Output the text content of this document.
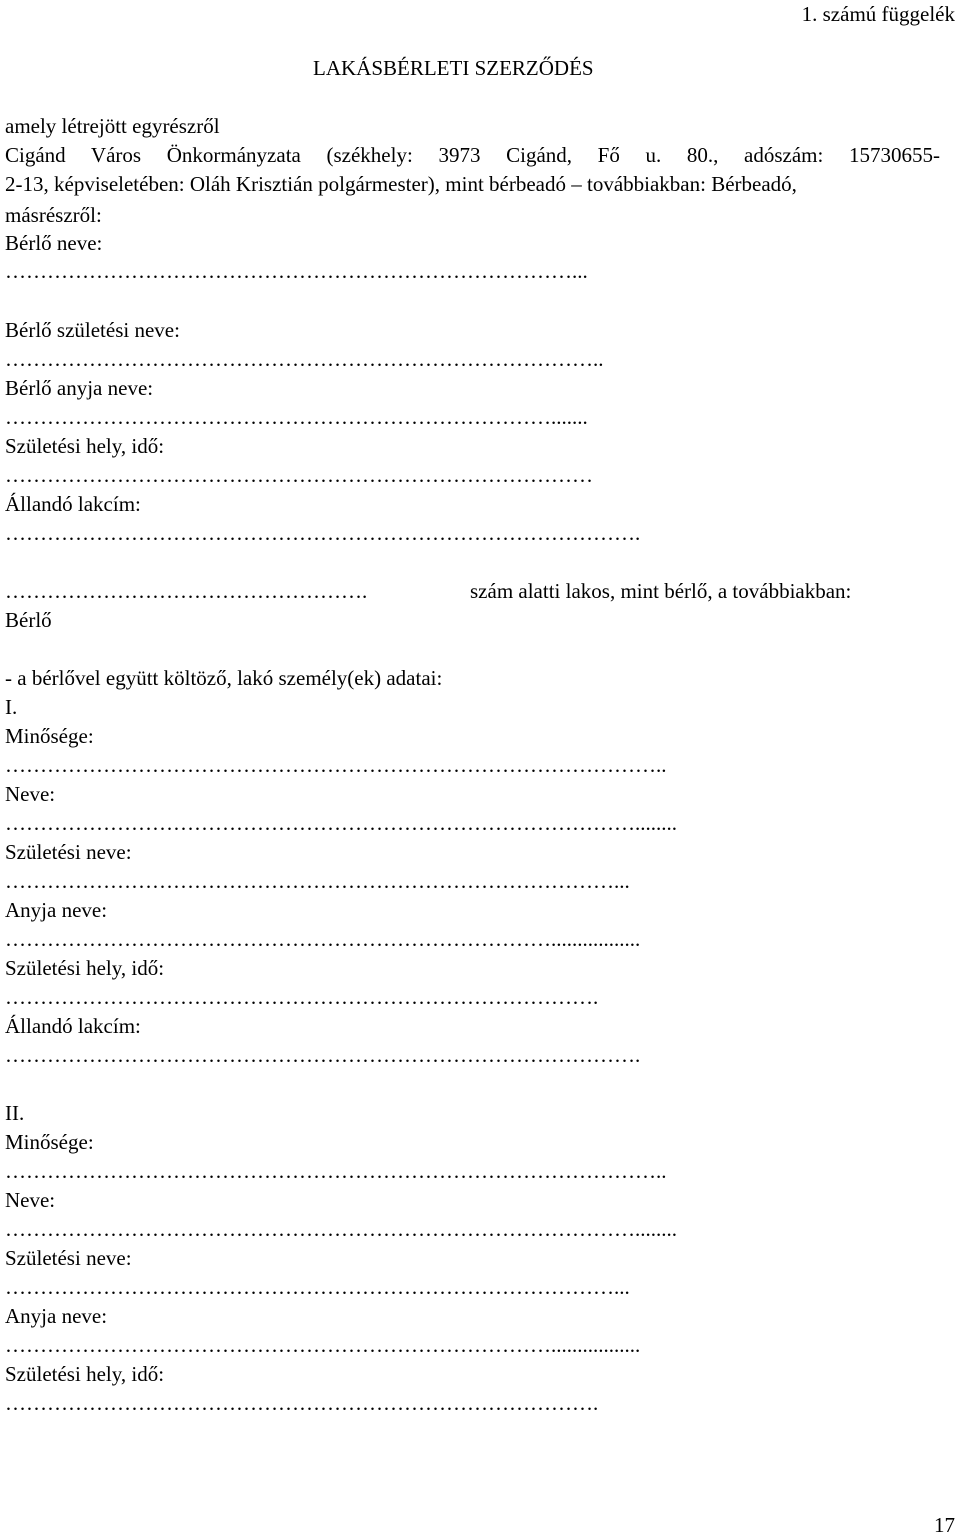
1. számú függelék
LAKÁSBÉRLETI SZERZŐDÉS
amely létrejött egyrészről
Cigánd Város Önkormányzata (székhely: 3973 Cigánd, Fő u. 80., adószám: 15730655-
2-13, képviseletében: Oláh Krisztián polgármester), mint bérbeadó – továbbiakban: Bérbeadó,
másrészről:
Bérlő neve:
………………………………………………………………………...
Bérlő születési neve:
…………………………………………………………………………..
Bérlő anyja neve:
…………………………………………………………………….......
Születési hely, idő:
…………………………………………………………………………
Állandó lakcím:
……………………………………………………………………………….
…………………………………………….	szám alatti lakos, mint bérlő, a továbbiakban:
Bérlő
- a bérlővel együtt költöző, lakó személy(ek) adatai:
I.
Minősége:
…………………………………………………………………………………..
Neve:
………………………………………………………………………………........
Születési neve:
……………………………………………………………………………...
Anyja neve:
…………………………………………………………………….................
Születési hely, idő:
………………………………………………………………………….
Állandó lakcím:
……………………………………………………………………………….
II.
Minősége:
…………………………………………………………………………………..
Neve:
………………………………………………………………………………........
Születési neve:
……………………………………………………………………………...
Anyja neve:
…………………………………………………………………….................
Születési hely, idő:
………………………………………………………………………….
17
